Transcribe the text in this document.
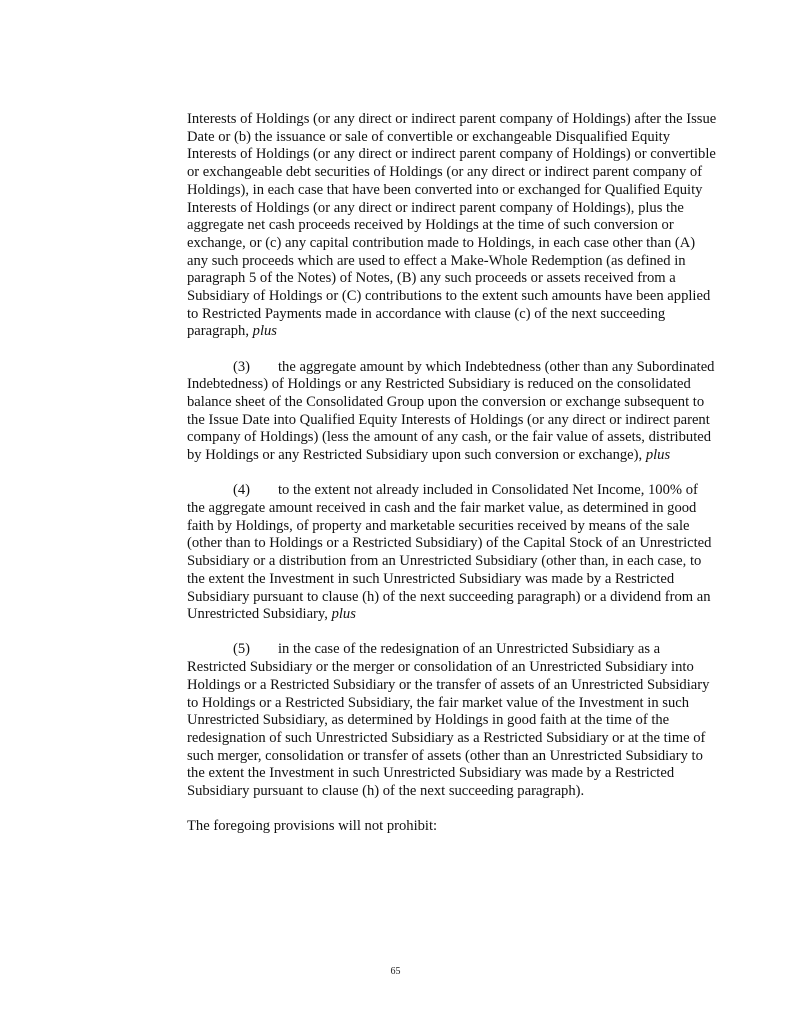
Interests of Holdings (or any direct or indirect parent company of Holdings) after the Issue Date or (b) the issuance or sale of convertible or exchangeable Disqualified Equity Interests of Holdings (or any direct or indirect parent company of Holdings) or convertible or exchangeable debt securities of Holdings (or any direct or indirect parent company of Holdings), in each case that have been converted into or exchanged for Qualified Equity Interests of Holdings (or any direct or indirect parent company of Holdings), plus the aggregate net cash proceeds received by Holdings at the time of such conversion or exchange, or (c) any capital contribution made to Holdings, in each case other than (A) any such proceeds which are used to effect a Make-Whole Redemption (as defined in paragraph 5 of the Notes) of Notes, (B) any such proceeds or assets received from a Subsidiary of Holdings or (C) contributions to the extent such amounts have been applied to Restricted Payments made in accordance with clause (c) of the next succeeding paragraph, plus

(3) the aggregate amount by which Indebtedness (other than any Subordinated Indebtedness) of Holdings or any Restricted Subsidiary is reduced on the consolidated balance sheet of the Consolidated Group upon the conversion or exchange subsequent to the Issue Date into Qualified Equity Interests of Holdings (or any direct or indirect parent company of Holdings) (less the amount of any cash, or the fair value of assets, distributed by Holdings or any Restricted Subsidiary upon such conversion or exchange), plus

(4) to the extent not already included in Consolidated Net Income, 100% of the aggregate amount received in cash and the fair market value, as determined in good faith by Holdings, of property and marketable securities received by means of the sale (other than to Holdings or a Restricted Subsidiary) of the Capital Stock of an Unrestricted Subsidiary or a distribution from an Unrestricted Subsidiary (other than, in each case, to the extent the Investment in such Unrestricted Subsidiary was made by a Restricted Subsidiary pursuant to clause (h) of the next succeeding paragraph) or a dividend from an Unrestricted Subsidiary, plus

(5) in the case of the redesignation of an Unrestricted Subsidiary as a Restricted Subsidiary or the merger or consolidation of an Unrestricted Subsidiary into Holdings or a Restricted Subsidiary or the transfer of assets of an Unrestricted Subsidiary to Holdings or a Restricted Subsidiary, the fair market value of the Investment in such Unrestricted Subsidiary, as determined by Holdings in good faith at the time of the redesignation of such Unrestricted Subsidiary as a Restricted Subsidiary or at the time of such merger, consolidation or transfer of assets (other than an Unrestricted Subsidiary to the extent the Investment in such Unrestricted Subsidiary was made by a Restricted Subsidiary pursuant to clause (h) of the next succeeding paragraph).

The foregoing provisions will not prohibit:

65
